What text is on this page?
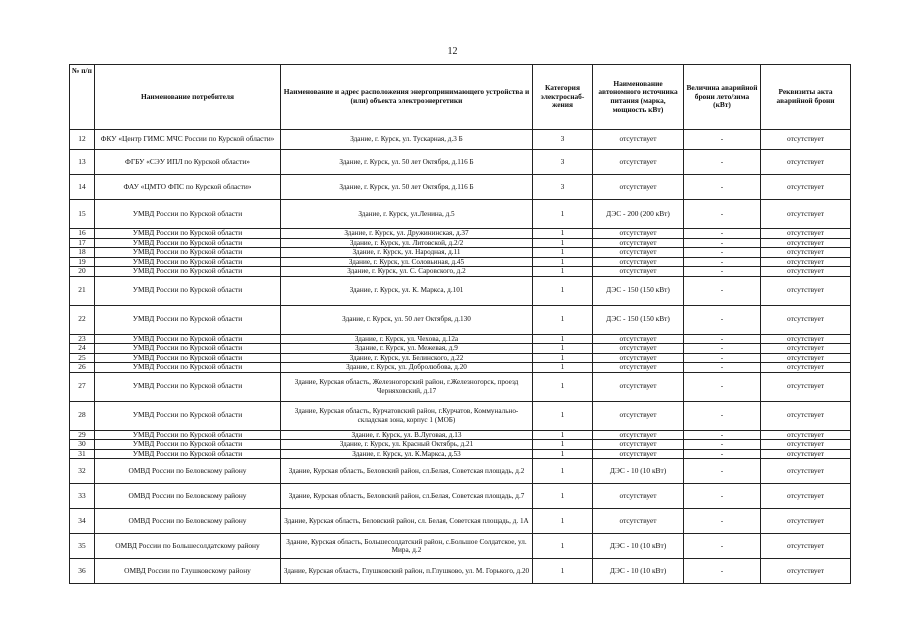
12
№ п/п	Наименование потребителя	Наименование и адрес расположения энергопринимающего устройства и (или) объекта электроэнергетики	Категория электроснаб-жения	Наименование автономного источника питания (марка, мощность кВт)	Величина аварийной брони лето/зима (кВт)	Реквизиты акта аварийной брони
12	ФКУ «Центр ГИМС МЧС России по Курской области»	Здание, г. Курск, ул. Тускарная, д.3 Б	3	отсутствует	-	отсутствует
13	ФГБУ «СЭУ ИПЛ по Курской области»	Здание, г. Курск, ул. 50 лет Октября, д.116 Б	3	отсутствует	-	отсутствует
14	ФАУ «ЦМТО ФПС по Курской области»	Здание, г. Курск, ул. 50 лет Октября, д.116 Б	3	отсутствует	-	отсутствует
15	УМВД России по Курской области	Здание, г. Курск, ул.Ленина, д.5	1	ДЭС - 200 (200 кВт)	-	отсутствует
16	УМВД России по Курской области	Здание, г. Курск, ул. Дружининская, д.37	1	отсутствует	-	отсутствует
17	УМВД России по Курской области	Здание, г. Курск, ул. Литовской, д.2/2	1	отсутствует	-	отсутствует
18	УМВД России по Курской области	Здание, г. Курск, ул. Народная, д.11	1	отсутствует	-	отсутствует
19	УМВД России по Курской области	Здание, г. Курск, ул. Соловьиная, д.45	1	отсутствует	-	отсутствует
20	УМВД России по Курской области	Здание, г. Курск, ул. С. Саровского, д.2	1	отсутствует	-	отсутствует
21	УМВД России по Курской области	Здание, г. Курск, ул. К. Маркса, д.101	1	ДЭС - 150 (150 кВт)	-	отсутствует
22	УМВД России по Курской области	Здание, г. Курск, ул. 50 лет Октября, д.130	1	ДЭС - 150 (150 кВт)	-	отсутствует
23	УМВД России по Курской области	Здание, г. Курск, ул. Чехова, д.12а	1	отсутствует	-	отсутствует
24	УМВД России по Курской области	Здание, г. Курск, ул. Межевая, д.9	1	отсутствует	-	отсутствует
25	УМВД России по Курской области	Здание, г. Курск, ул. Белинского, д.22	1	отсутствует	-	отсутствует
26	УМВД России по Курской области	Здание, г. Курск, ул. Добролюбова, д.20	1	отсутствует	-	отсутствует
27	УМВД России по Курской области	Здание, Курская область, Железногорский район, г.Железногорск, проезд Черняховский, д.17	1	отсутствует	-	отсутствует
28	УМВД России по Курской области	Здание, Курская область, Курчатовский район, г.Курчатов, Коммунально-складская зона, корпус 1 (МОБ)	1	отсутствует	-	отсутствует
29	УМВД России по Курской области	Здание, г. Курск, ул. В.Луговая, д.13	1	отсутствует	-	отсутствует
30	УМВД России по Курской области	Здание, г. Курск, ул. Красный Октябрь, д.21	1	отсутствует	-	отсутствует
31	УМВД России по Курской области	Здание, г. Курск, ул. К.Маркса, д.53	1	отсутствует	-	отсутствует
32	ОМВД России по Беловскому району	Здание, Курская область, Беловский район, сл.Белая, Советская площадь, д.2	1	ДЭС - 10 (10 кВт)	-	отсутствует
33	ОМВД России по Беловскому району	Здание, Курская область, Беловский район, сл.Белая, Советская площадь, д.7	1	отсутствует	-	отсутствует
34	ОМВД России по Беловскому району	Здание, Курская область, Беловский район, сл. Белая, Советская площадь, д. 1А	1	отсутствует	-	отсутствует
35	ОМВД России по Большесолдатскому району	Здание, Курская область, Большесолдатский район, с.Большое Солдатское, ул. Мира, д.2	1	ДЭС - 10 (10 кВт)	-	отсутствует
36	ОМВД России по Глушковскому району	Здание, Курская область, Глушковский район, п.Глушково, ул. М. Горького, д.20	1	ДЭС - 10 (10 кВт)	-	отсутствует
